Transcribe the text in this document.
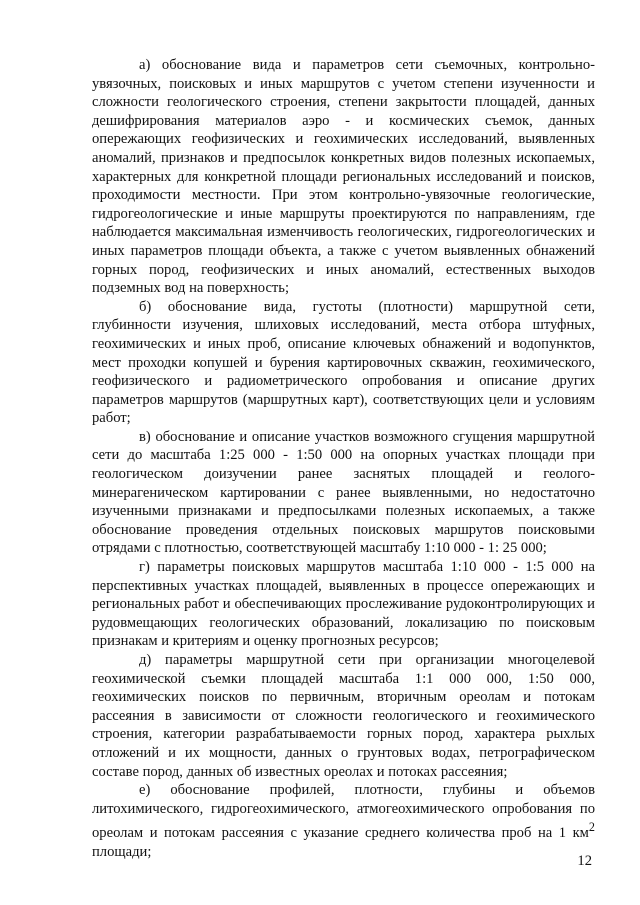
а) обоснование вида и параметров сети съемочных, контрольно-увязочных, поисковых и иных маршрутов с учетом степени изученности и сложности геологического строения, степени закрытости площадей, данных дешифрирования материалов аэро - и космических съемок, данных опережающих геофизических и геохимических исследований, выявленных аномалий, признаков и предпосылок конкретных видов полезных ископаемых, характерных для конкретной площади региональных исследований и поисков, проходимости местности. При этом контрольно-увязочные геологические, гидрогеологические и иные маршруты проектируются по направлениям, где наблюдается максимальная изменчивость геологических, гидрогеологических и иных параметров площади объекта, а также с учетом выявленных обнажений горных пород, геофизических и иных аномалий, естественных выходов подземных вод на поверхность;

б) обоснование вида, густоты (плотности) маршрутной сети, глубинности изучения, шлиховых исследований, места отбора штуфных, геохимических и иных проб, описание ключевых обнажений и водопунктов, мест проходки копушей и бурения картировочных скважин, геохимического, геофизического и радиометрического опробования и описание других параметров маршрутов (маршрутных карт), соответствующих цели и условиям работ;

в) обоснование и описание участков возможного сгущения маршрутной сети до масштаба 1:25 000 - 1:50 000 на опорных участках площади при геологическом доизучении ранее заснятых площадей и геолого-минерагеническом картировании с ранее выявленными, но недостаточно изученными признаками и предпосылками полезных ископаемых, а также обоснование проведения отдельных поисковых маршрутов поисковыми отрядами с плотностью, соответствующей масштабу 1:10 000 - 1: 25 000;

г) параметры поисковых маршрутов масштаба 1:10 000 - 1:5 000 на перспективных участках площадей, выявленных в процессе опережающих и региональных работ и обеспечивающих прослеживание рудоконтролирующих и рудовмещающих геологических образований, локализацию по поисковым признакам и критериям и оценку прогнозных ресурсов;

д) параметры маршрутной сети при организации многоцелевой геохимической съемки площадей масштаба 1:1 000 000, 1:50 000, геохимических поисков по первичным, вторичным ореолам и потокам рассеяния в зависимости от сложности геологического и геохимического строения, категории разрабатываемости горных пород, характера рыхлых отложений и их мощности, данных о грунтовых водах, петрографическом составе пород, данных об известных ореолах и потоках рассеяния;

е) обоснование профилей, плотности, глубины и объемов литохимического, гидрогеохимического, атмогеохимического опробования по ореолам и потокам рассеяния с указание среднего количества проб на 1 $км^2$ площади;

12
